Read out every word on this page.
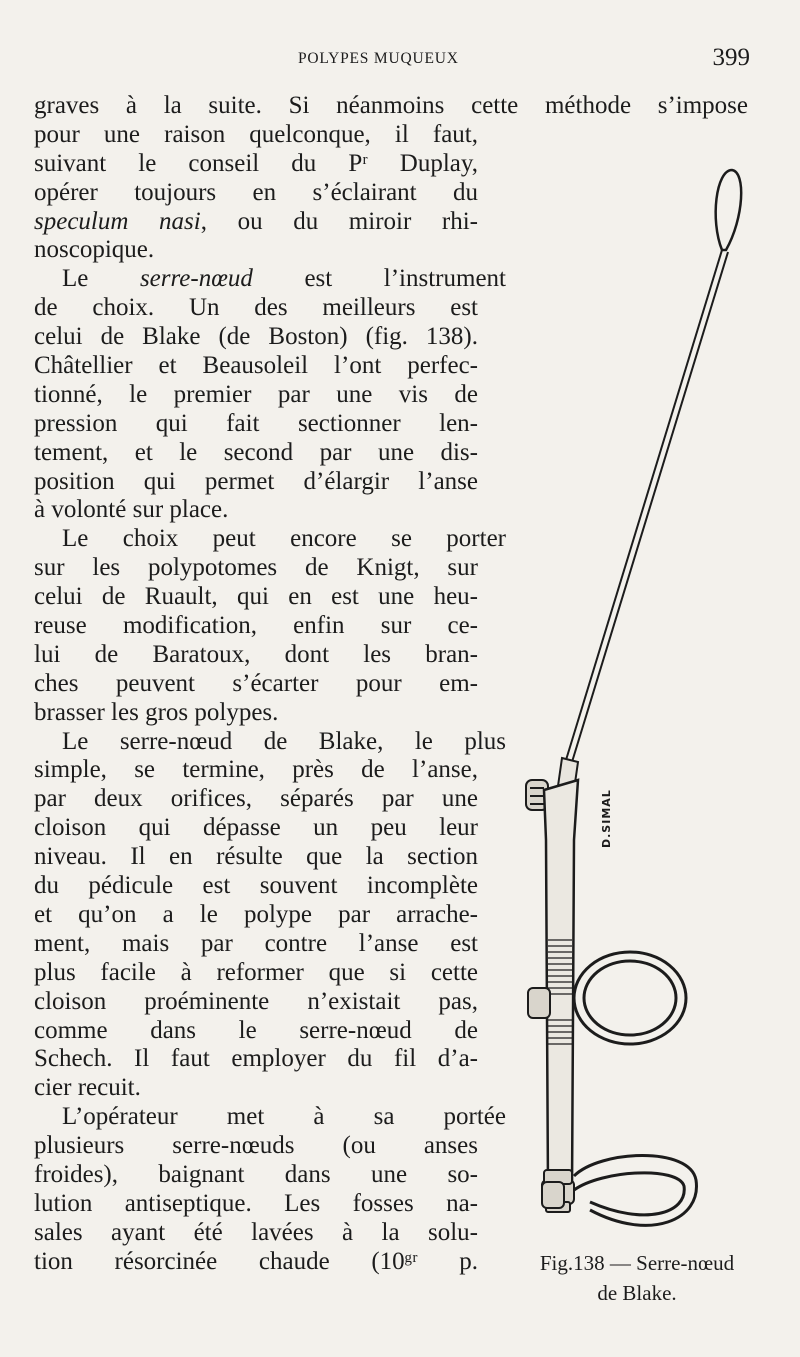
POLYPES MUQUEUX	399
graves à la suite. Si néanmoins cette méthode s’impose
pour une raison quelconque, il faut,
suivant le conseil du Pʳ Duplay,
opérer toujours en s’éclairant du
speculum nasi, ou du miroir rhi-
noscopique.
Le serre-nœud est l’instrument
de choix. Un des meilleurs est
celui de Blake (de Boston) (fig. 138).
Châtellier et Beausoleil l’ont perfec-
tionné, le premier par une vis de
pression qui fait sectionner len-
tement, et le second par une dis-
position qui permet d’élargir l’anse
à volonté sur place.
Le choix peut encore se porter
sur les polypotomes de Knigt, sur
celui de Ruault, qui en est une heu-
reuse modification, enfin sur ce-
lui de Baratoux, dont les bran-
ches peuvent s’écarter pour em-
brasser les gros polypes.
Le serre-nœud de Blake, le plus
simple, se termine, près de l’anse,
par deux orifices, séparés par une
cloison qui dépasse un peu leur
niveau. Il en résulte que la section
du pédicule est souvent incomplète
et qu’on a le polype par arrache-
ment, mais par contre l’anse est
plus facile à reformer que si cette
cloison proéminente n’existait pas,
comme dans le serre-nœud de
Schech. Il faut employer du fil d’a-
cier recuit.
L’opérateur met à sa portée
plusieurs serre-nœuds (ou anses
froides), baignant dans une so-
lution antiseptique. Les fosses na-
sales ayant été lavées à la solu-
tion résorcinée chaude (10ᵍʳ p.
D.SIMAL
Fig.138 — Serre-nœud
de Blake.
